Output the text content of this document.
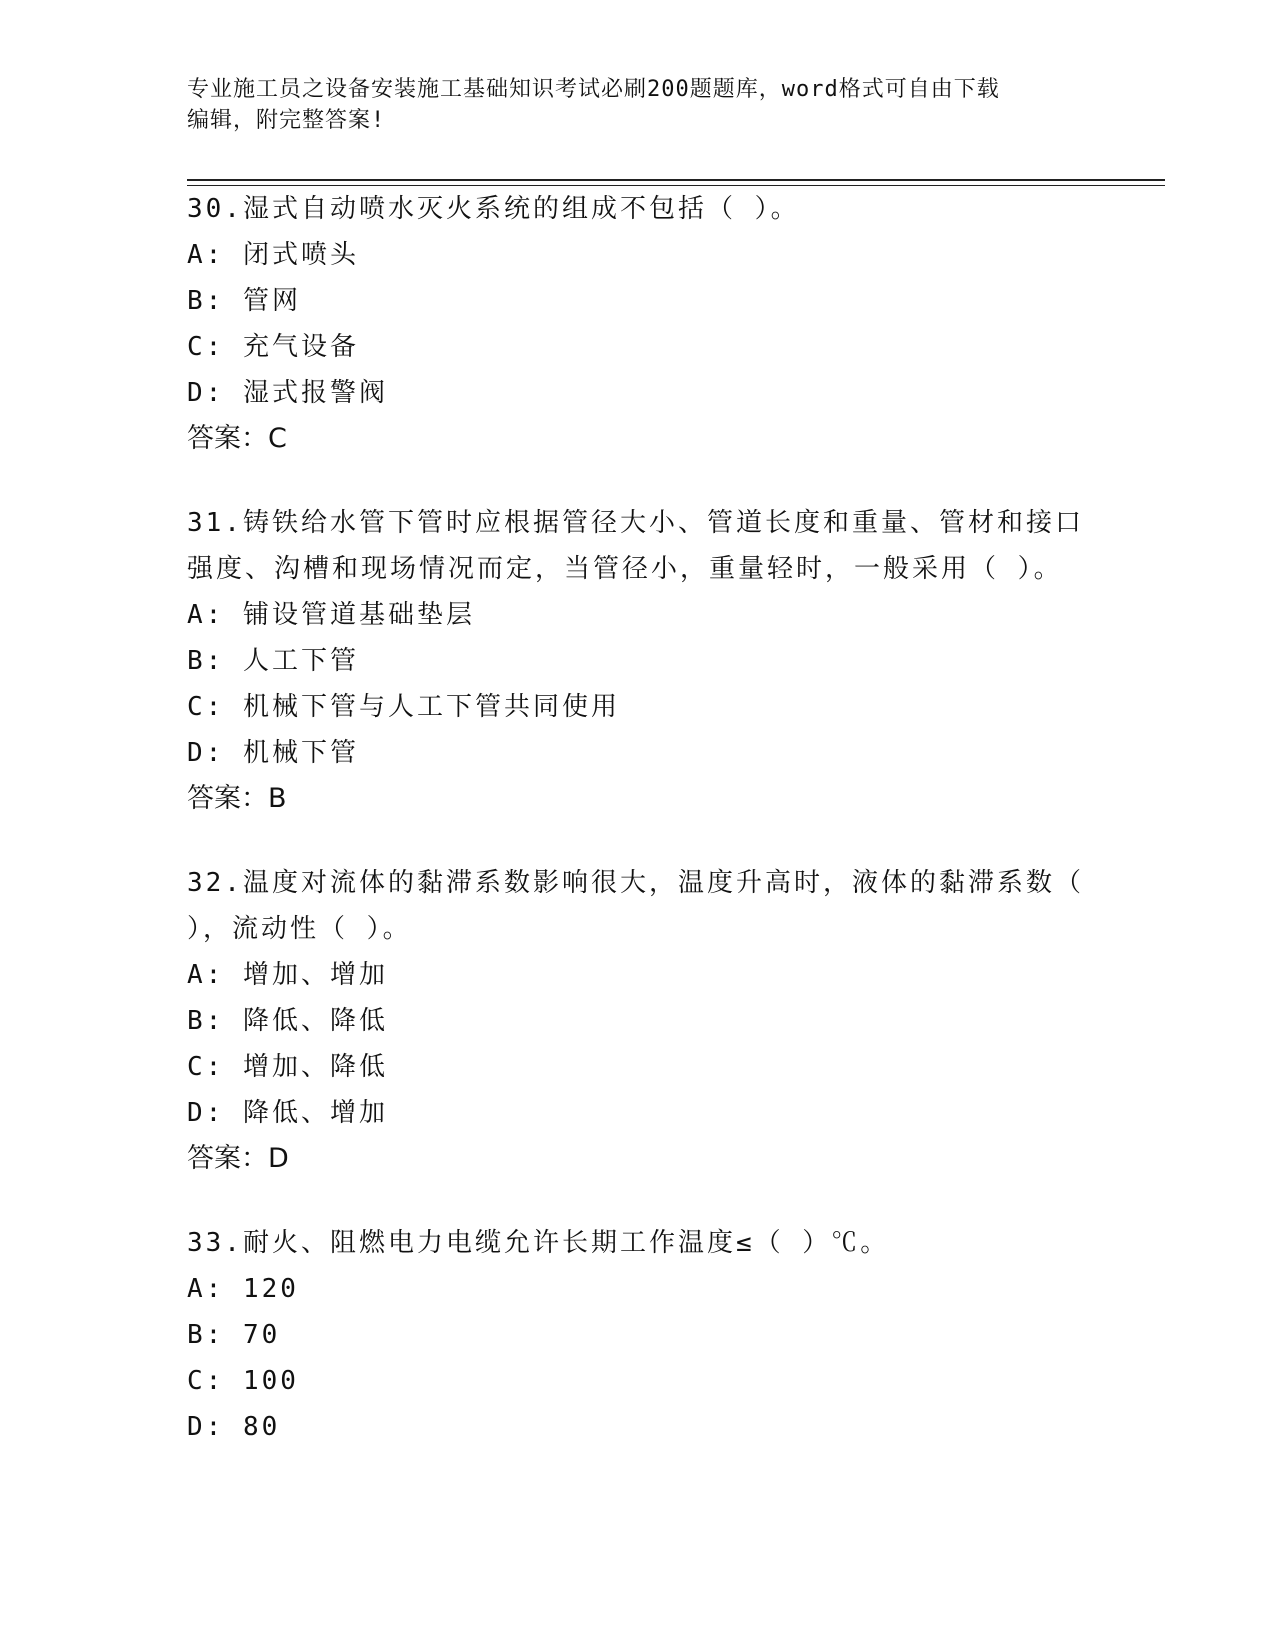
专业施工员之设备安装施工基础知识考试必刷200题题库，word格式可自由下载
编辑，附完整答案!

30.湿式自动喷水灭火系统的组成不包括（ ）。

A: 闭式喷头

B: 管网

C: 充气设备

D: 湿式报警阀

答案：C

31.铸铁给水管下管时应根据管径大小、管道长度和重量、管材和接口

强度、沟槽和现场情况而定，当管径小，重量轻时，一般采用（ ）。

A: 铺设管道基础垫层

B: 人工下管

C: 机械下管与人工下管共同使用

D: 机械下管

答案：B

32.温度对流体的黏滞系数影响很大，温度升高时，液体的黏滞系数（

），流动性（ ）。

A: 增加、增加

B: 降低、降低

C: 增加、降低

D: 降低、增加

答案：D

33.耐火、阻燃电力电缆允许长期工作温度≤（ ）℃。

A: 120

B: 70

C: 100

D: 80
